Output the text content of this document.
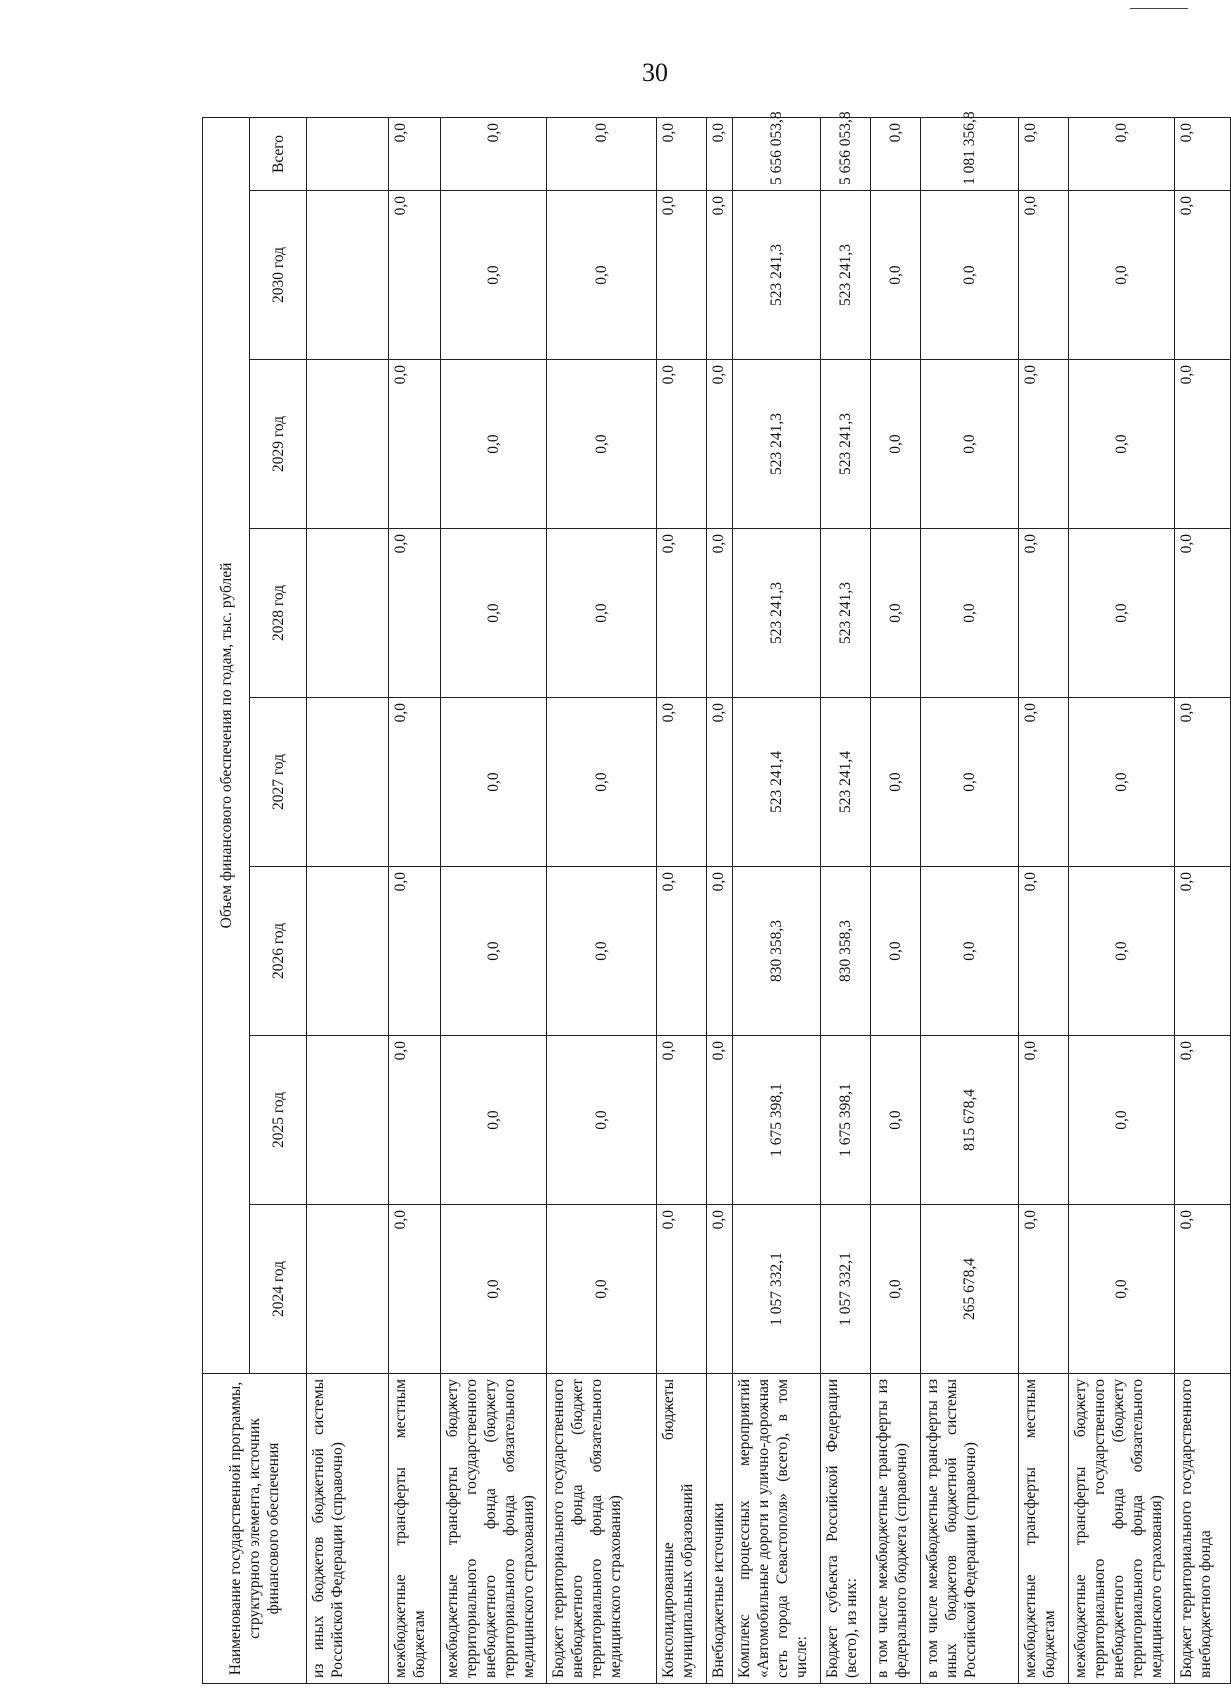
30
Наименование государственной программы, структурного элемента, источник финансового обеспечения	Объем финансового обеспечения по годам, тыс. рублей							
	2024 год	2025 год	2026 год	2027 год	2028 год	2029 год	2030 год	Всего
из иных бюджетов бюджетной системы Российской Федерации (справочно)								
межбюджетные трансферты местным бюджетам	0,0	0,0	0,0	0,0	0,0	0,0	0,0	0,0
межбюджетные трансферты бюджету территориального государственного внебюджетного фонда (бюджету территориального фонда обязательного медицинского страхования)	0,0	0,0	0,0	0,0	0,0	0,0	0,0	0,0
Бюджет территориального государственного внебюджетного фонда (бюджет территориального фонда обязательного медицинского страхования)	0,0	0,0	0,0	0,0	0,0	0,0	0,0	0,0
Консолидированные бюджеты муниципальных образований	0,0	0,0	0,0	0,0	0,0	0,0	0,0	0,0
Внебюджетные источники	0,0	0,0	0,0	0,0	0,0	0,0	0,0	0,0
Комплекс процессных мероприятий «Автомобильные дороги и улично-дорожная сеть города Севастополя» (всего), в том числе:	1 057 332,1	1 675 398,1	830 358,3	523 241,4	523 241,3	523 241,3	523 241,3	5 656 053,8
Бюджет субъекта Российской Федерации (всего), из них:	1 057 332,1	1 675 398,1	830 358,3	523 241,4	523 241,3	523 241,3	523 241,3	5 656 053,8
в том числе межбюджетные трансферты из федерального бюджета (справочно)	0,0	0,0	0,0	0,0	0,0	0,0	0,0	0,0
в том числе межбюджетные трансферты из иных бюджетов бюджетной системы Российской Федерации (справочно)	265 678,4	815 678,4	0,0	0,0	0,0	0,0	0,0	1 081 356,8
межбюджетные трансферты местным бюджетам	0,0	0,0	0,0	0,0	0,0	0,0	0,0	0,0
межбюджетные трансферты бюджету территориального государственного внебюджетного фонда (бюджету территориального фонда обязательного медицинского страхования)	0,0	0,0	0,0	0,0	0,0	0,0	0,0	0,0
Бюджет территориального государственного внебюджетного фонда	0,0	0,0	0,0	0,0	0,0	0,0	0,0	0,0
